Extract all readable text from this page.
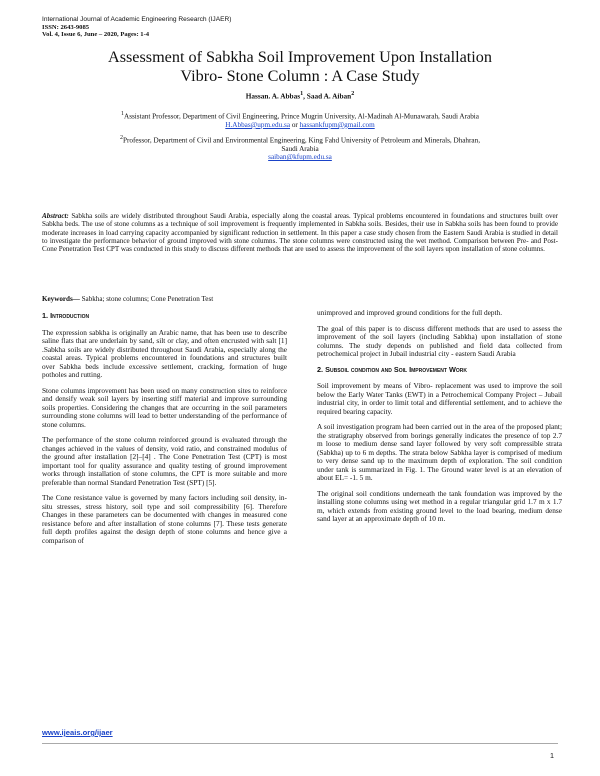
International Journal of Academic Engineering Research (IJAER)
ISSN: 2643-9085
Vol. 4, Issue 6, June – 2020, Pages: 1-4
Assessment of Sabkha Soil Improvement Upon Installation
Vibro- Stone Column : A Case Study
Hassan. A. Abbas$^1$, Saad A. Aiban$^2$
$^1$Assistant Professor, Department of Civil Engineering, Prince Mugrin University, Al-Madinah Al-Munawarah, Saudi Arabia
H.Abbas@upm.edu.sa or hassankfupm@gmail.com
$^2$Professor, Department of Civil and Environmental Engineering, King Fahd University of Petroleum and Minerals, Dhahran,
Saudi Arabia
saiban@kfupm.edu.sa
Abstract: Sabkha soils are widely distributed throughout Saudi Arabia, especially along the coastal areas. Typical problems encountered in foundations and structures built over Sabkha beds. The use of stone columns as a technique of soil improvement is frequently implemented in Sabkha soils. Besides, their use in Sabkha soils has been found to provide moderate increases in load carrying capacity accompanied by significant reduction in settlement. In this paper a case study chosen from the Eastern Saudi Arabia is studied in detail to investigate the performance behavior of ground improved with stone columns. The stone columns were constructed using the wet method. Comparison between Pre- and Post- Cone Penetration Test CPT was conducted in this study to discuss different methods that are used to assess the improvement of the soil layers upon installation of stone columns.
Keywords— Sabkha; stone columns; Cone Penetration Test
1. Introduction

The expression sabkha is originally an Arabic name, that has been use to describe saline flats that are underlain by sand, silt or clay, and often encrusted with salt [1] .Sabkha soils are widely distributed throughout Saudi Arabia, especially along the coastal areas. Typical problems encountered in foundations and structures built over Sabkha beds include excessive settlement, cracking, formation of huge potholes and rutting.

Stone columns improvement has been used on many construction sites to reinforce and densify weak soil layers by inserting stiff material and improve surrounding soils properties. Considering the changes that are occurring in the soil parameters surrounding stone columns will lead to better understanding of the performance of stone columns.

The performance of the stone column reinforced ground is evaluated through the changes achieved in the values of density, void ratio, and constrained modulus of the ground after installation [2]–[4] . The Cone Penetration Test (CPT) is most important tool for quality assurance and quality testing of ground improvement works through installation of stone columns, the CPT is more suitable and more preferable than normal Standard Penetration Test (SPT) [5].

The Cone resistance value is governed by many factors including soil density, in-situ stresses, stress history, soil type and soil compressibility [6]. Therefore Changes in these parameters can be documented with changes in measured cone resistance before and after installation of stone columns [7]. These tests generate full depth profiles against the design depth of stone columns and hence give a comparison of

unimproved and improved ground conditions for the full depth.

The goal of this paper is to discuss different methods that are used to assess the improvement of the soil layers (including Sabkha) upon installation of stone columns. The study depends on published and field data collected from petrochemical project in Jubail industrial city - eastern Saudi Arabia

2. Subsoil condition and Soil Improvement Work

Soil improvement by means of Vibro- replacement was used to improve the soil below the Early Water Tanks (EWT) in a Petrochemical Company Project – Jubail industrial city, in order to limit total and differential settlement, and to achieve the required bearing capacity.

A soil investigation program had been carried out in the area of the proposed plant; the stratigraphy observed from borings generally indicates the presence of top 2.7 m loose to medium dense sand layer followed by very soft compressible strata (Sabkha) up to 6 m depths. The strata below Sabkha layer is comprised of medium to very dense sand up to the maximum depth of exploration. The soil condition under tank is summarized in Fig. 1. The Ground water level is at an elevation of about EL= -1. 5 m.

The original soil conditions underneath the tank foundation was improved by the installing stone columns using wet method in a regular triangular grid 1.7 m x 1.7 m, which extends from existing ground level to the load bearing, medium dense sand layer at an approximate depth of 10 m.

www.ijeais.org/ijaer
1
